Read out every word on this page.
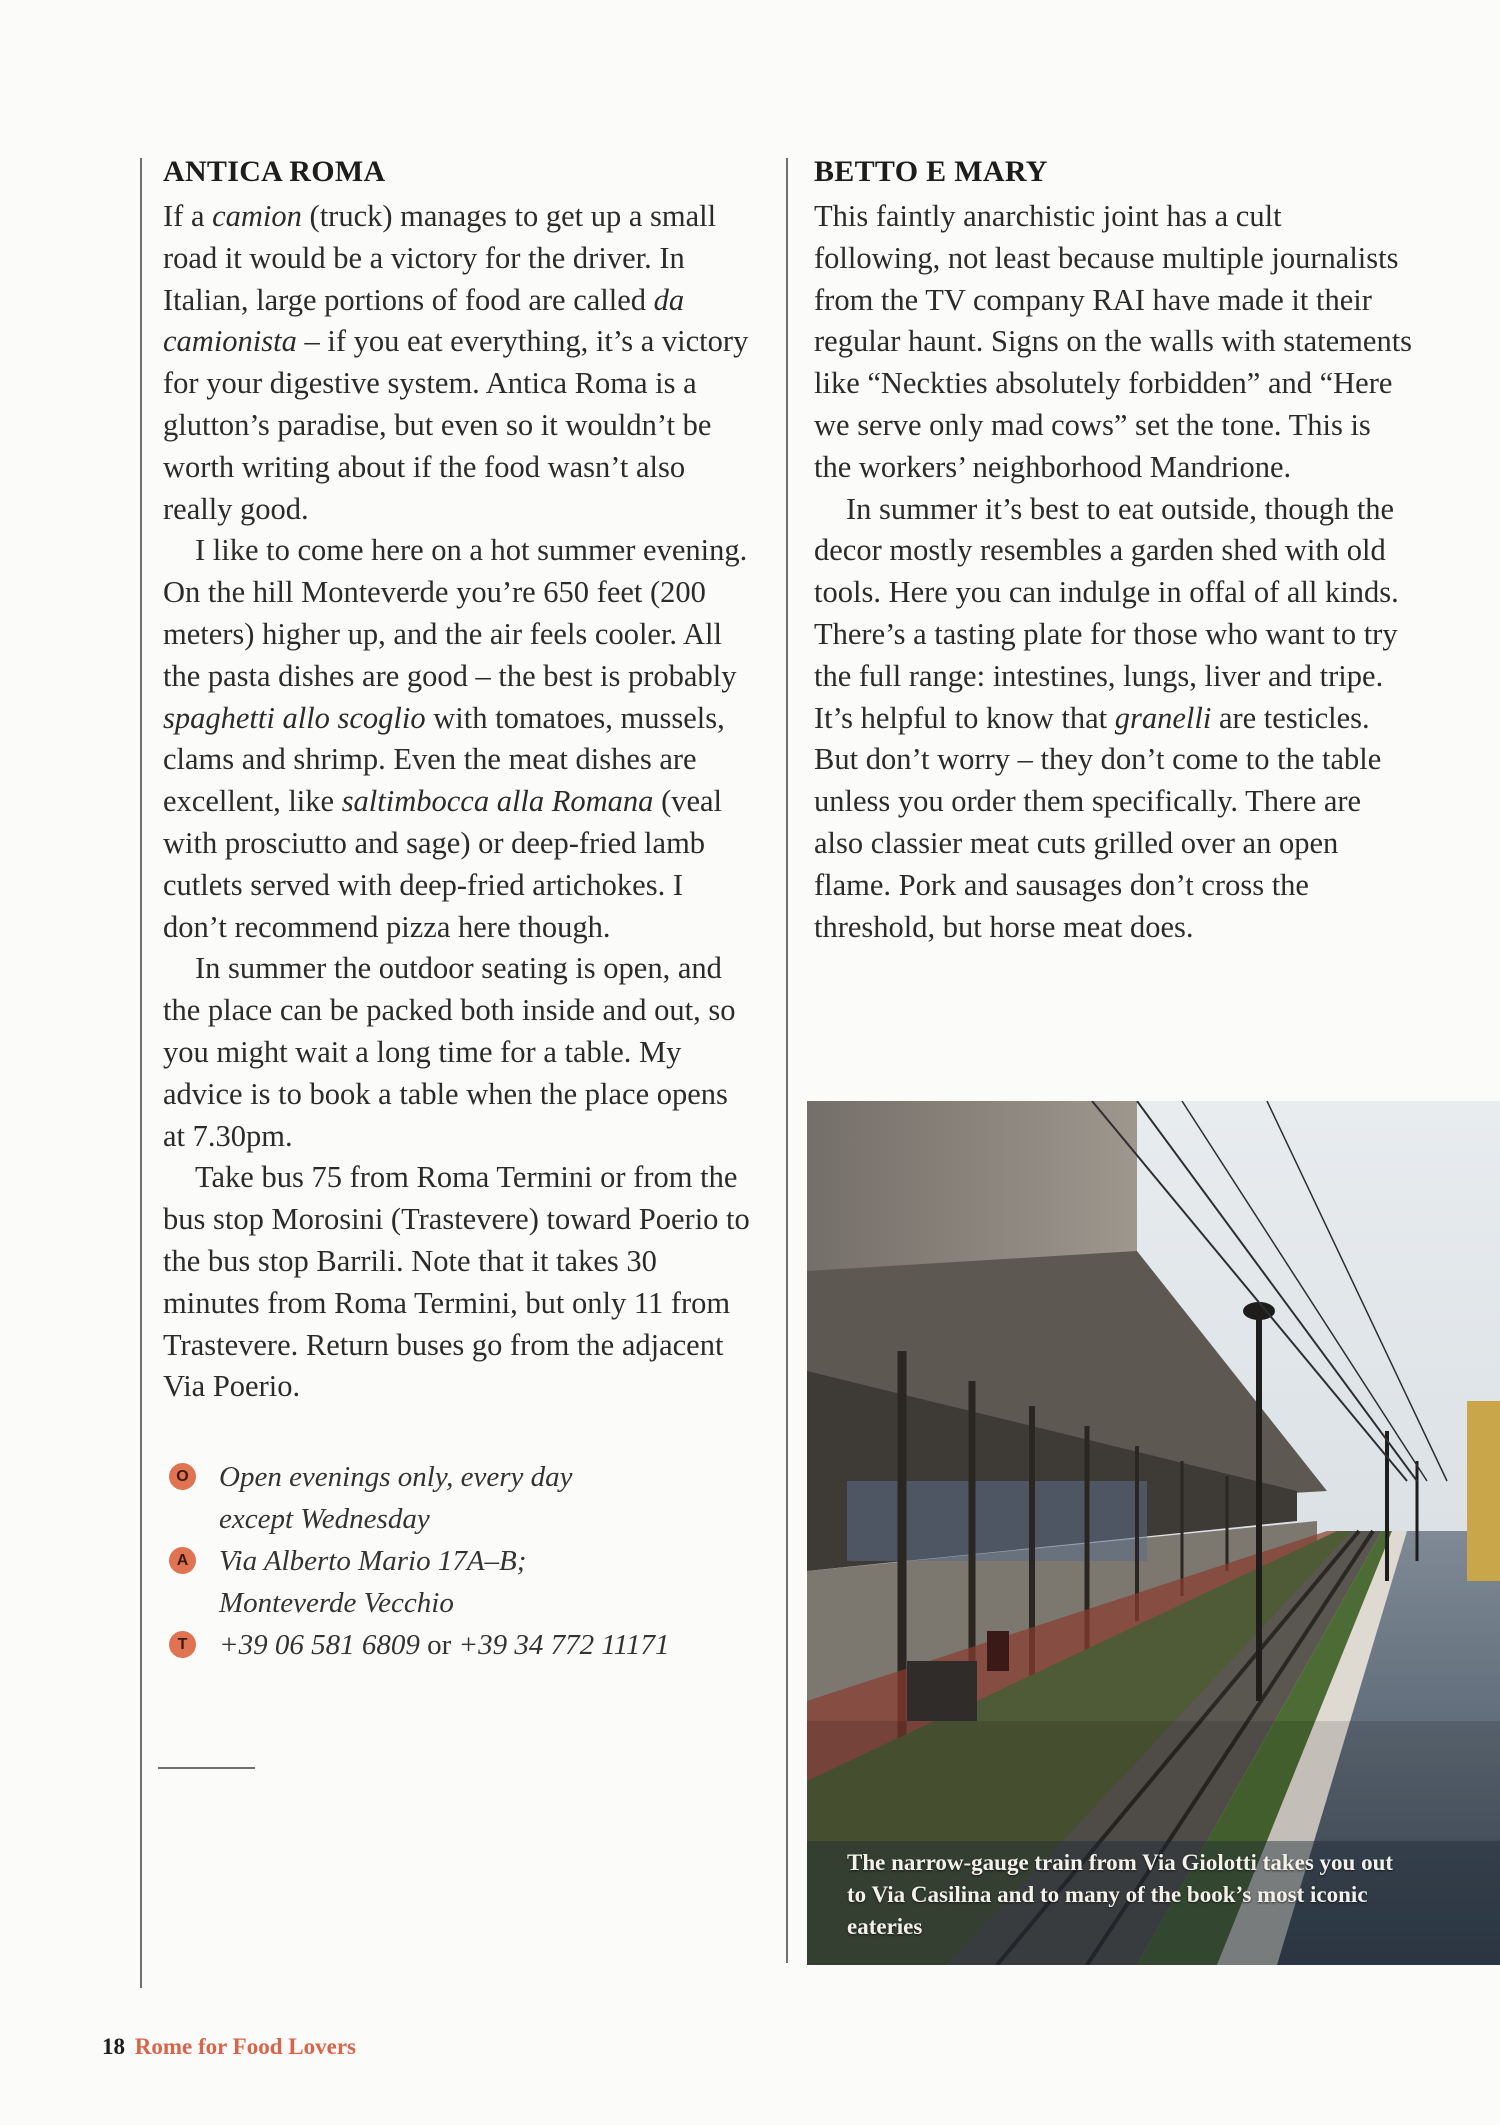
ANTICA ROMA

If a camion (truck) manages to get up a small road it would be a victory for the driver. In Italian, large portions of food are called da camionista – if you eat everything, it’s a victory for your digestive system. Antica Roma is a glutton’s paradise, but even so it wouldn’t be worth writing about if the food wasn’t also really good.

I like to come here on a hot summer evening. On the hill Monteverde you’re 650 feet (200 meters) higher up, and the air feels cooler. All the pasta dishes are good – the best is probably spaghetti allo scoglio with tomatoes, mussels, clams and shrimp. Even the meat dishes are excellent, like saltimbocca alla Romana (veal with prosciutto and sage) or deep-fried lamb cutlets served with deep-fried artichokes. I don’t recommend pizza here though.

In summer the outdoor seating is open, and the place can be packed both inside and out, so you might wait a long time for a table. My advice is to book a table when the place opens at 7.30pm.

Take bus 75 from Roma Termini or from the bus stop Morosini (Trastevere) toward Poerio to the bus stop Barrili. Note that it takes 30 minutes from Roma Termini, but only 11 from Trastevere. Return buses go from the adjacent Via Poerio.

O Open evenings only, every day
except Wednesday
A Via Alberto Mario 17A–B;
Monteverde Vecchio
T +39 06 581 6809 or +39 34 772 11171
BETTO E MARY

This faintly anarchistic joint has a cult following, not least because multiple journalists from the TV company RAI have made it their regular haunt. Signs on the walls with statements like “Neckties absolutely forbidden” and “Here we serve only mad cows” set the tone. This is the workers’ neighborhood Mandrione.

In summer it’s best to eat outside, though the decor mostly resembles a garden shed with old tools. Here you can indulge in offal of all kinds. There’s a tasting plate for those who want to try the full range: intestines, lungs, liver and tripe. It’s helpful to know that granelli are testicles. But don’t worry – they don’t come to the table unless you order them specifically. There are also classier meat cuts grilled over an open flame. Pork and sausages don’t cross the threshold, but horse meat does.

The narrow-gauge train from Via Giolotti takes you out to Via Casilina and to many of the book’s most iconic eateries
18 Rome for Food Lovers
